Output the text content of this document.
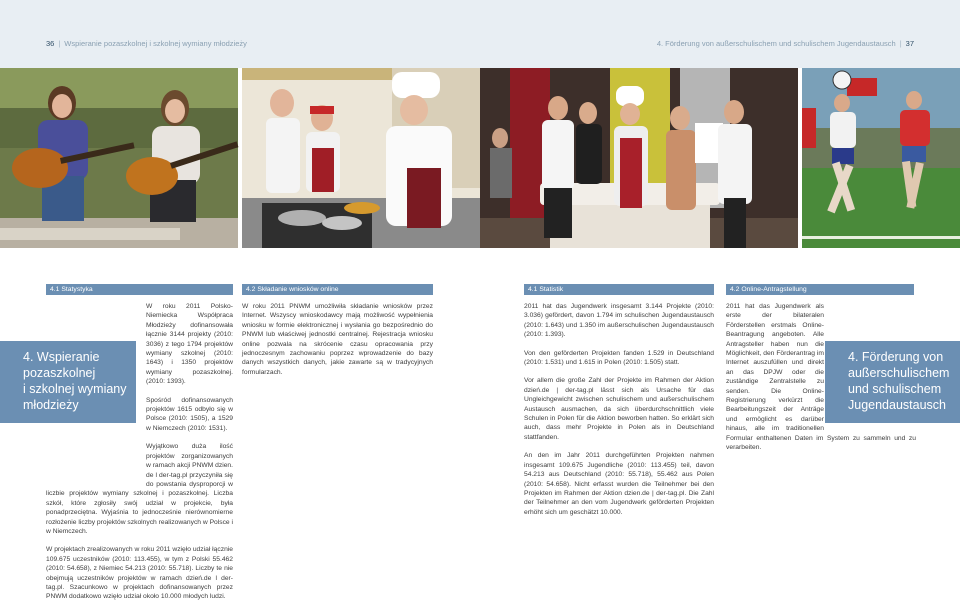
36 | Wspieranie pozaszkolnej i szkolnej wymiany młodzieży
4.1 Statystyka	4.2 Składanie wniosków online
4. Wspieranie
pozaszkolnej
i szkolnej wymiany
młodzieży

W roku 2011 Polsko-Niemiecka Współpraca Młodzieży dofinansowała łącznie 3144 projekty (2010: 3036) z tego 1794 projektów wymiany szkolnej (2010: 1643) i 1350 projektów wymiany pozaszkolnej. (2010: 1393).

Spośród dofinansowanych projektów 1615 odbyło się w Polsce (2010: 1505), a 1529 w Niemczech (2010: 1531).

Wyjątkowo duża ilość projektów zorganizowanych w ramach akcji PNWM dzien. de l der-tag.pl przyczyniła się do powstania dysproporcji w liczbie projektów wymiany szkolnej i pozaszkolnej. Liczba szkół, które zgłosiły swój udział w projekcie, była ponadprzeciętna. Wyjaśnia to jednocześnie nierównomierne rozłożenie liczby projektów szkolnych realizowanych w Polsce i w Niemczech.

W projektach zrealizowanych w roku 2011 wzięło udział łącznie 109.675 uczestników (2010: 113.455), w tym z Polski 55.462 (2010: 54.658), z Niemiec 54.213 (2010: 55.718). Liczby te nie obejmują uczestników projektów w ramach dzień.de l der-tag.pl. Szacunkowo w projektach dofinansowanych przez PNWM dodatkowo wzięło udział około 10.000 młodych ludzi.

W roku 2011 PNWM umożliwiła składanie wniosków przez Internet. Wszyscy wnioskodawcy mają możliwość wypełnienia wniosku w formie elektronicznej i wysłania go bezpośrednio do PNWM lub właściwej jednostki centralnej. Rejestracja wniosku online pozwala na skrócenie czasu opracowania przy jednoczesnym zachowaniu poprzez wprowadzenie do bazy danych wszystkich danych, jakie zawarte są w tradycyjnych formularzach.

4. Förderung von außerschulischem und schulischem Jugendaustausch | 37
4.1 Statistik	4.2 Online-Antragstellung

2011 hat das Jugendwerk insgesamt 3.144 Projekte (2010: 3.036) gefördert, davon 1.794 im schulischen Jugendaustausch (2010: 1.643) und 1.350 im außerschulischen Jugendaustausch (2010: 1.393).

Von den geförderten Projekten fanden 1.529 in Deutschland (2010: 1.531) und 1.615 in Polen (2010: 1.505) statt.

Vor allem die große Zahl der Projekte im Rahmen der Aktion dzień.de | der-tag.pl lässt sich als Ursache für das Ungleichgewicht zwischen schulischem und außerschulischem Austausch ausmachen, da sich überdurchschnittlich viele Schulen in Polen für die Aktion beworben hatten. So erklärt sich auch, dass mehr Projekte in Polen als in Deutschland stattfanden.

An den im Jahr 2011 durchgeführten Projekten nahmen insgesamt 109.675 Jugendliche (2010: 113.455) teil, davon 54.213 aus Deutschland (2010: 55.718), 55.462 aus Polen (2010: 54.658). Nicht erfasst wurden die Teilnehmer bei den Projekten im Rahmen der Aktion dzien.de | der-tag.pl. Die Zahl der Teilnehmer an den vom Jugendwerk geförderten Projekten erhöht sich um geschätzt 10.000.

2011 hat das Jugendwerk als erste der bilateralen Förderstellen erstmals Online-Beantragung angeboten. Alle Antragsteller haben nun die Möglichkeit, den Förderantrag im Internet auszufüllen und direkt an das DPJW oder die zuständige Zentralstelle zu senden. Die Online-Registrierung verkürzt die Bearbeitungszeit der Anträge und ermöglicht es darüber hinaus, alle im traditionellen Formular enthaltenen Daten im System zu sammeln und zu verarbeiten.

4. Förderung von
außerschulischem
und schulischem
Jugendaustausch
